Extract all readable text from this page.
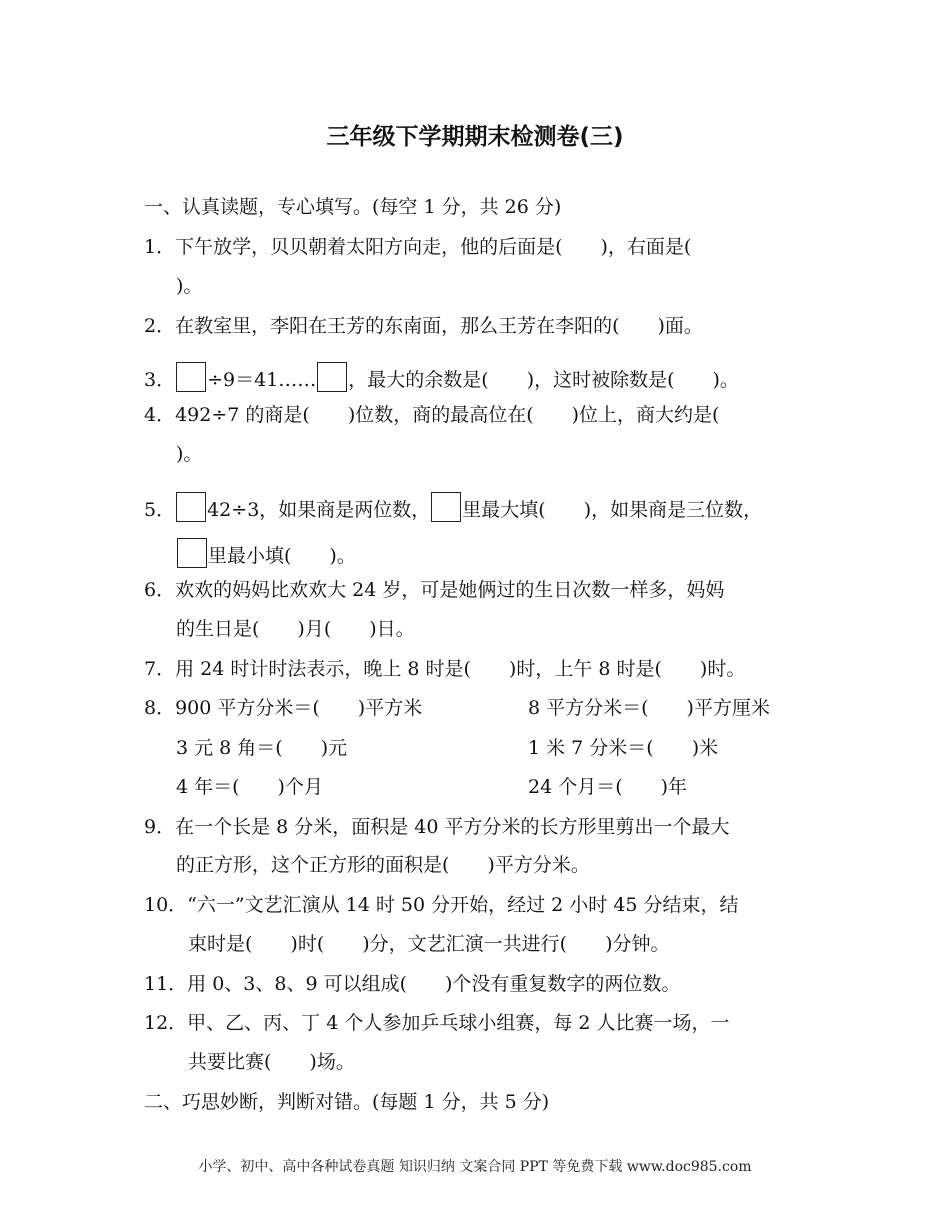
三年级下学期期末检测卷(三)
一、认真读题，专心填写。(每空 1 分，共 26 分)
1．下午放学，贝贝朝着太阳方向走，他的后面是(　　)，右面是(
)。
2．在教室里，李阳在王芳的东南面，那么王芳在李阳的(　　)面。
3． ÷9＝41…… ，最大的余数是(　　)，这时被除数是(　　)。
4．492÷7 的商是(　　)位数，商的最高位在(　　)位上，商大约是(
)。
5． 42÷3，如果商是两位数， 里最大填(　　)，如果商是三位数，
里最小填(　　)。
6．欢欢的妈妈比欢欢大 24 岁，可是她俩过的生日次数一样多，妈妈
的生日是(　　)月(　　)日。
7．用 24 时计时法表示，晚上 8 时是(　　)时，上午 8 时是(　　)时。
8．900 平方分米＝(　　)平方米	8 平方分米＝(　　)平方厘米
3 元 8 角＝(　　)元	1 米 7 分米＝(　　)米
4 年＝(　　)个月	24 个月＝(　　)年
9．在一个长是 8 分米，面积是 40 平方分米的长方形里剪出一个最大
的正方形，这个正方形的面积是(　　)平方分米。
10．“六一”文艺汇演从 14 时 50 分开始，经过 2 小时 45 分结束，结
束时是(　　)时(　　)分，文艺汇演一共进行(　　)分钟。
11．用 0、3、8、9 可以组成(　　)个没有重复数字的两位数。
12．甲、乙、丙、丁 4 个人参加乒乓球小组赛，每 2 人比赛一场，一
共要比赛(　　)场。
二、巧思妙断，判断对错。(每题 1 分，共 5 分)
小学、初中、高中各种试卷真题 知识归纳 文案合同 PPT 等免费下载 www.doc985.com
